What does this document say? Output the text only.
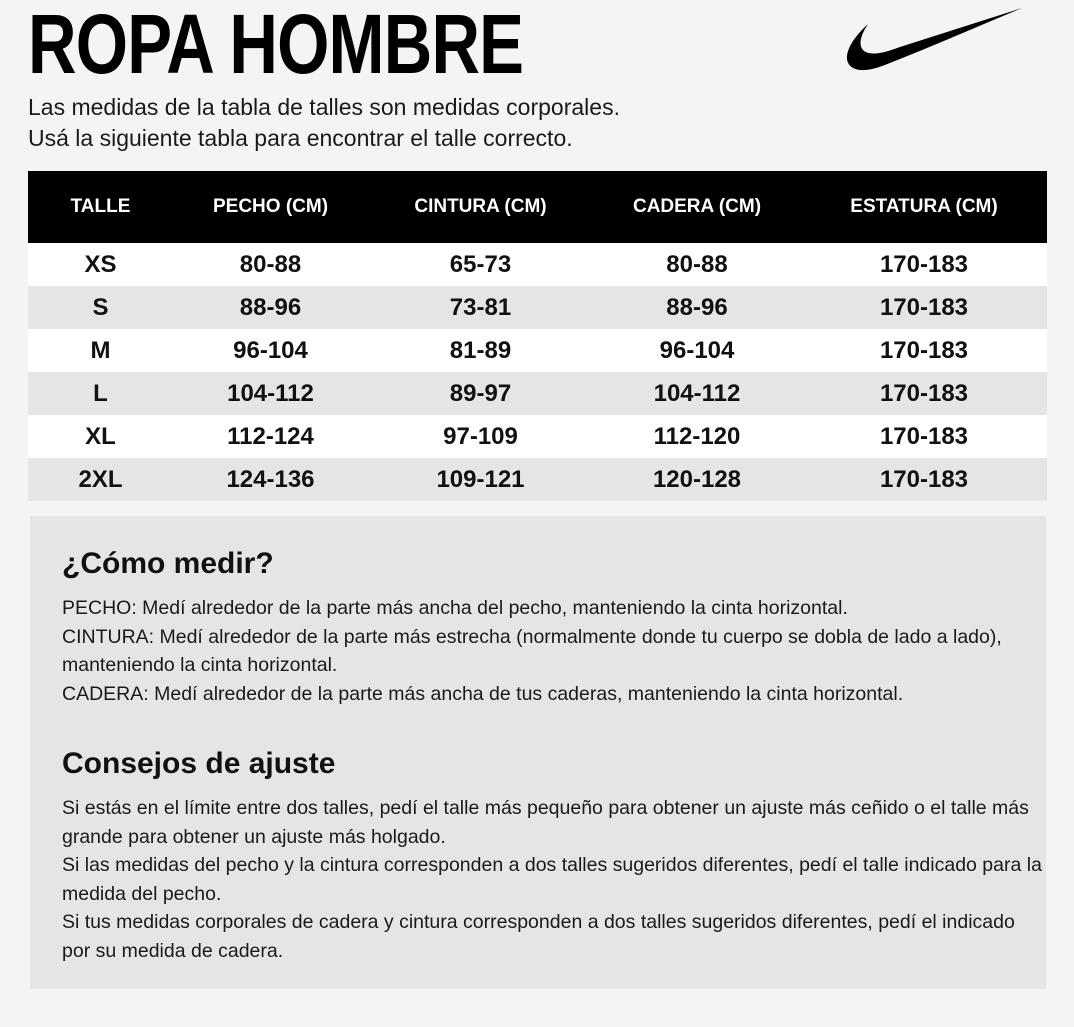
ROPA HOMBRE

Las medidas de la tabla de talles son medidas corporales.

Usá la siguiente tabla para encontrar el talle correcto.

TALLE	PECHO (CM)	CINTURA (CM)	CADERA (CM)	ESTATURA (CM)
XS	80-88	65-73	80-88	170-183
S	88-96	73-81	88-96	170-183
M	96-104	81-89	96-104	170-183
L	104-112	89-97	104-112	170-183
XL	112-124	97-109	112-120	170-183
2XL	124-136	109-121	120-128	170-183
¿Cómo medir?

PECHO: Medí alrededor de la parte más ancha del pecho, manteniendo la cinta horizontal.

CINTURA: Medí alrededor de la parte más estrecha (normalmente donde tu cuerpo se dobla de lado a lado), manteniendo la cinta horizontal.

CADERA: Medí alrededor de la parte más ancha de tus caderas, manteniendo la cinta horizontal.

Consejos de ajuste

Si estás en el límite entre dos talles, pedí el talle más pequeño para obtener un ajuste más ceñido o el talle más grande para obtener un ajuste más holgado.

Si las medidas del pecho y la cintura corresponden a dos talles sugeridos diferentes, pedí el talle indicado para la medida del pecho.

Si tus medidas corporales de cadera y cintura corresponden a dos talles sugeridos diferentes, pedí el indicado por su medida de cadera.
